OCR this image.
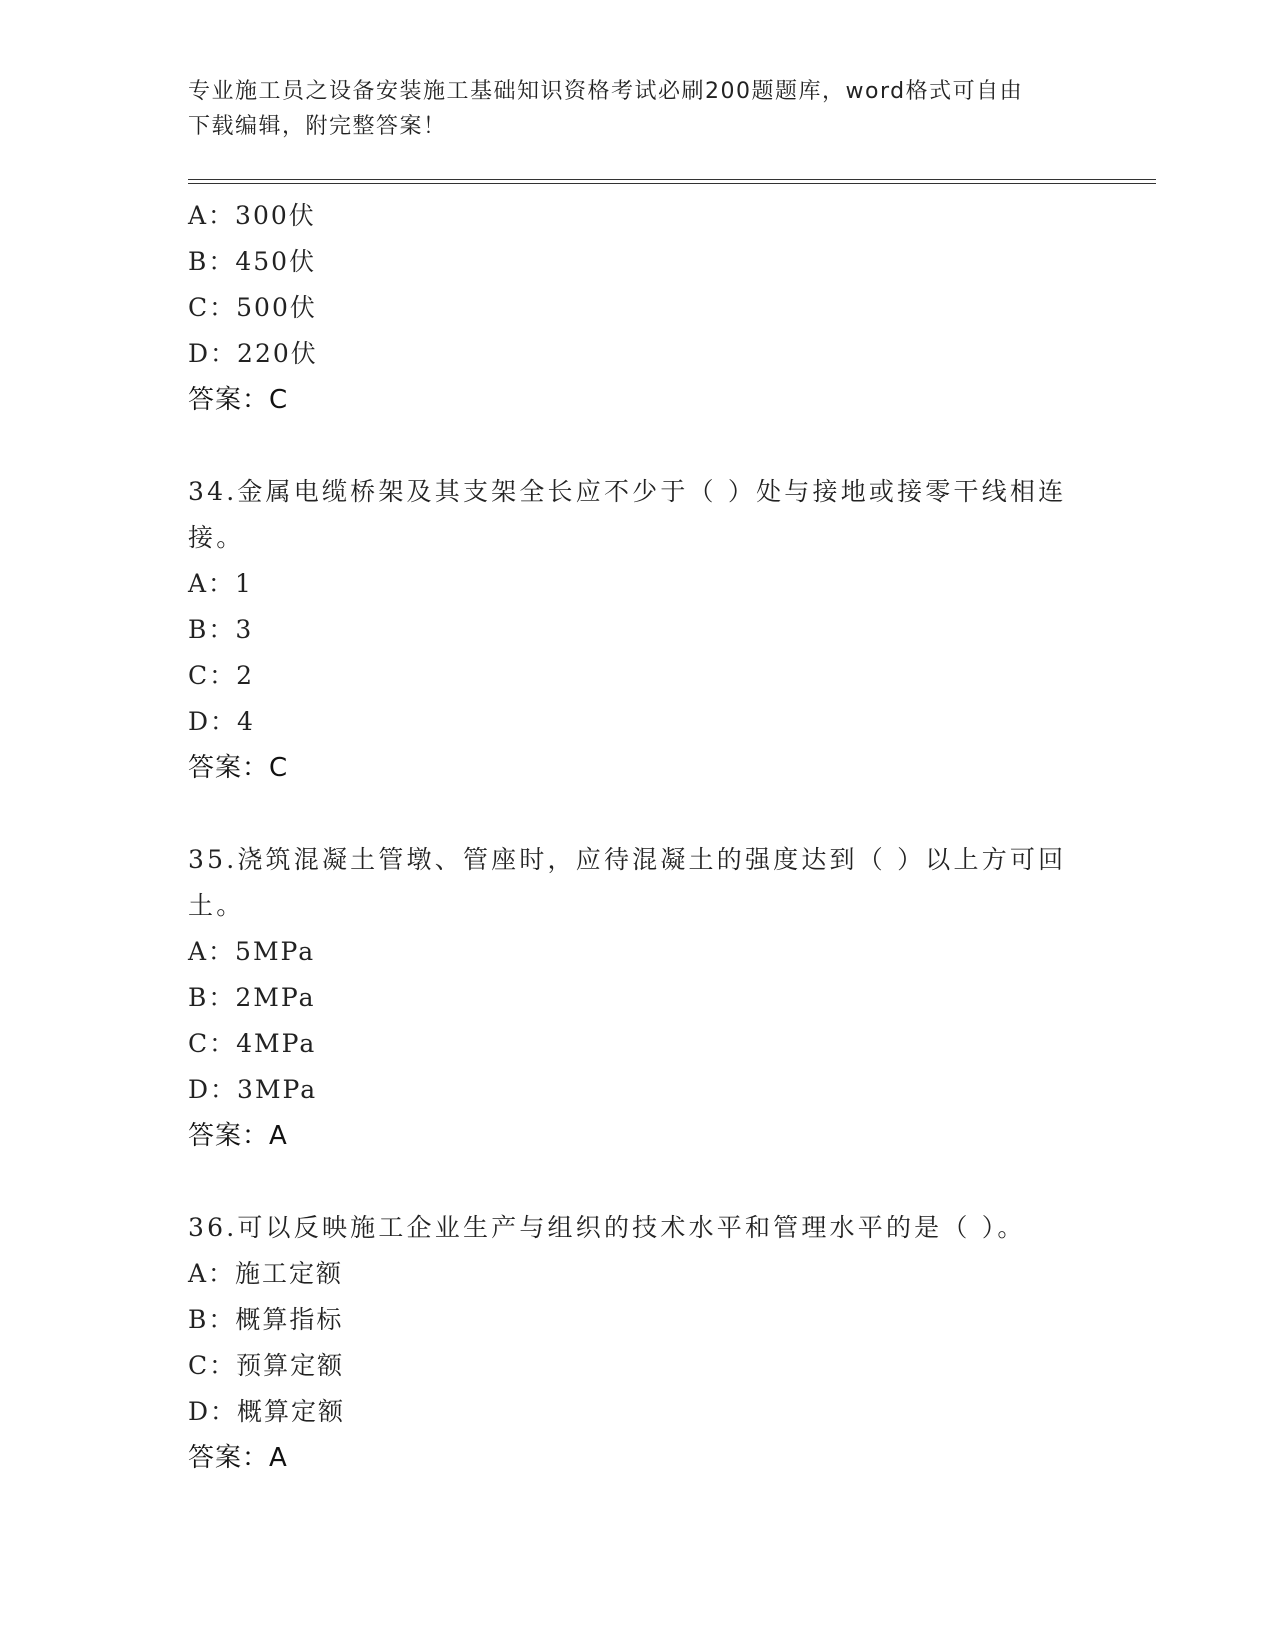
专业施工员之设备安装施工基础知识资格考试必刷200题题库，word格式可自由
下载编辑，附完整答案！
A：300伏
B：450伏
C：500伏
D：220伏
答案：C
34.金属电缆桥架及其支架全长应不少于（ ）处与接地或接零干线相连接。
A：1
B：3
C：2
D：4
答案：C
35.浇筑混凝土管墩、管座时，应待混凝土的强度达到（ ）以上方可回土。
A：5MPa
B：2MPa
C：4MPa
D：3MPa
答案：A
36.可以反映施工企业生产与组织的技术水平和管理水平的是（ ）。
A：施工定额
B：概算指标
C：预算定额
D：概算定额
答案：A
